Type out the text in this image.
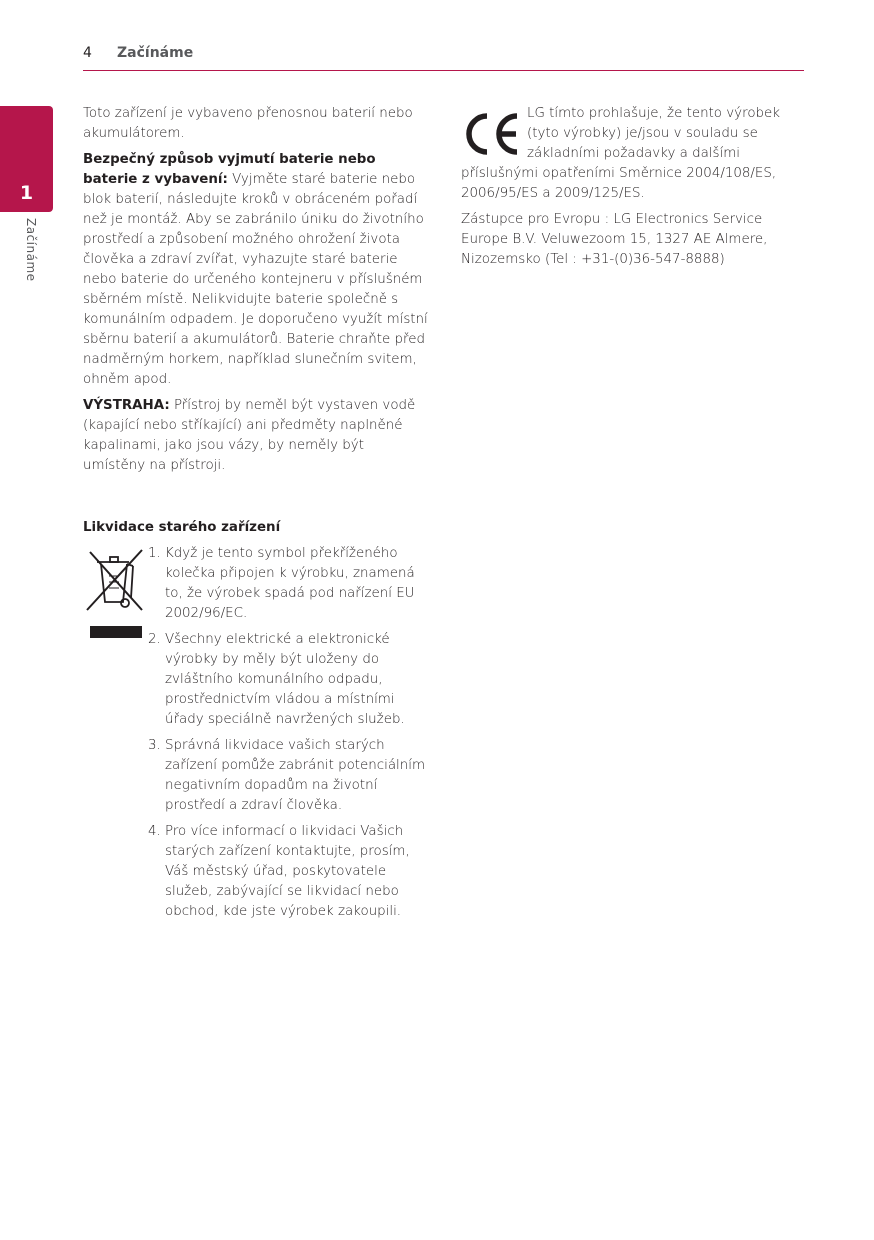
4 Začínáme
1
Začínáme

Toto zařízení je vybaveno přenosnou baterií nebo akumulátorem.

Bezpečný způsob vyjmutí baterie nebo baterie z vybavení: Vyjměte staré baterie nebo blok baterií, následujte kroků v obráceném pořadí než je montáž. Aby se zabránilo úniku do životního prostředí a způsobení možného ohrožení života člověka a zdraví zvířat, vyhazujte staré baterie nebo baterie do určeného kontejneru v příslušném sběrném místě. Nelikvidujte baterie společně s komunálním odpadem. Je doporučeno využít místní sběrnu baterií a akumulátorů. Baterie chraňte před nadměrným horkem, například slunečním svitem, ohněm apod.

VÝSTRAHA: Přístroj by neměl být vystaven vodě (kapající nebo stříkající) ani předměty naplněné kapalinami, jako jsou vázy, by neměly být umístěny na přístroji.

Likvidace starého zařízení

1. Když je tento symbol překříženého kolečka připojen k výrobku, znamená to, že výrobek spadá pod nařízení EU 2002/96/EC.
2. Všechny elektrické a elektronické výrobky by měly být uloženy do zvláštního komunálního odpadu, prostřednictvím vládou a místními úřady speciálně navržených služeb.
3. Správná likvidace vašich starých zařízení pomůže zabránit potenciálním negativním dopadům na životní prostředí a zdraví člověka.
4. Pro více informací o likvidaci Vašich starých zařízení kontaktujte, prosím, Váš městský úřad, poskytovatele služeb, zabývající se likvidací nebo obchod, kde jste výrobek zakoupili.

LG tímto prohlašuje, že tento výrobek (tyto výrobky) je/jsou v souladu se základními požadavky a dalšími příslušnými opatřeními Směrnice 2004/108/ES, 2006/95/ES a 2009/125/ES.

Zástupce pro Evropu : LG Electronics Service Europe B.V. Veluwezoom 15, 1327 AE Almere, Nizozemsko (Tel : +31-(0)36-547-8888)
